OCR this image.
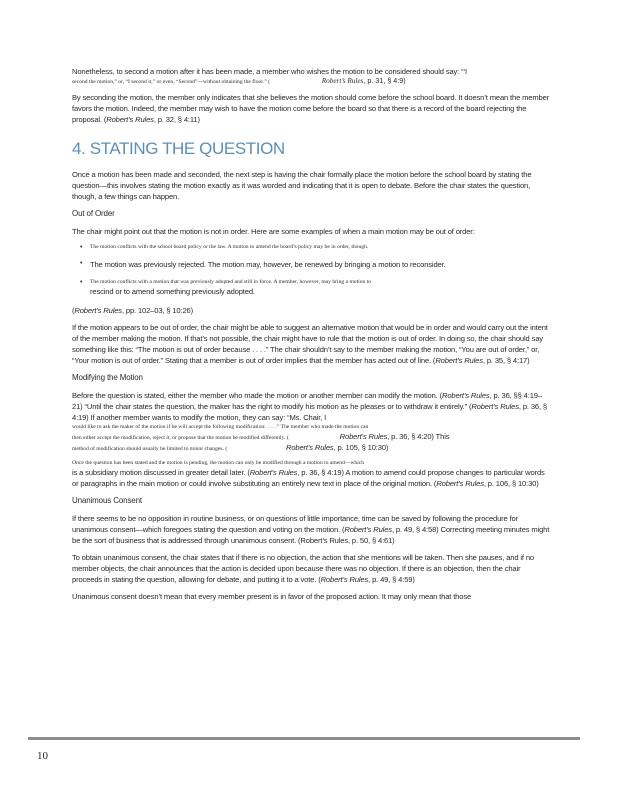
Nonetheless, to second a motion after it has been made, a member who wishes the motion to be considered should say: “‘I

second the motion,” or, “I second it,” or even, “Second”—without obtaining the floor.” (	Robert’s Rules, p. 31, § 4:9)

By seconding the motion, the member only indicates that she believes the motion should come before the school board. It doesn’t mean the member favors the motion. Indeed, the member may wish to have the motion come before the board so that there is a record of the board rejecting the proposal. (Robert’s Rules, p. 32, § 4:11)

4. STATING THE QUESTION

Once a motion has been made and seconded, the next step is having the chair formally place the motion before the school board by stating the question—this involves stating the motion exactly as it was worded and indicating that it is open to debate. Before the chair states the question, though, a few things can happen.

Out of Order

The chair might point out that the motion is not in order. Here are some examples of when a main motion may be out of order:

• The motion conflicts with the school board policy or the law. A motion to amend the board’s policy may be in order, though.

• The motion was previously rejected. The motion may, however, be renewed by bringing a motion to reconsider.

• The motion conflicts with a motion that was previously adopted and still in force. A member, however, may bring a motion to

rescind or to amend something previously adopted.

(Robert’s Rules, pp. 102–03, § 10:26)

If the motion appears to be out of order, the chair might be able to suggest an alternative motion that would be in order and would carry out the intent of the member making the motion. If that’s not possible, the chair might have to rule that the motion is out of order. In doing so, the chair should say something like this: “The motion is out of order because . . . .” The chair shouldn’t say to the member making the motion, “You are out of order,” or, “Your motion is out of order.” Stating that a member is out of order implies that the member has acted out of line. (Robert’s Rules, p. 35, § 4:17)

Modifying the Motion

Before the question is stated, either the member who made the motion or another member can modify the motion. (Robert’s Rules, p. 36, §§ 4:19–21) “Until the chair states the question, the maker has the right to modify his motion as he pleases or to withdraw it entirely.” (Robert’s Rules, p. 36, § 4:19) If another member wants to modify the motion, they can say: “Ms. Chair, I

would like to ask the maker of the motion if he will accept the following modification: . . . .” The member who made the motion can

then either accept the modification, reject it, or propose that the motion be modified differently. (	Robert’s Rules, p. 36, § 4:20) This

method of modification should usually be limited to minor changes. (	Robert’s Rules, p. 105, § 10:30)

Once the question has been stated and the motion is pending, the motion can only be modified through a motion to amend—which

is a subsidiary motion discussed in greater detail later. (Robert’s Rules, p. 36, § 4:19) A motion to amend could propose changes to particular words or paragraphs in the main motion or could involve substituting an entirely new text in place of the original motion. (Robert’s Rules, p. 106, § 10:30)

Unanimous Consent

If there seems to be no opposition in routine business, or on questions of little importance, time can be saved by following the procedure for unanimous consent—which foregoes stating the question and voting on the motion. (Robert’s Rules, p. 49, § 4:58) Correcting meeting minutes might be the sort of business that is addressed through unanimous consent. (Robert’s Rules, p. 50, § 4:61)

To obtain unanimous consent, the chair states that if there is no objection, the action that she mentions will be taken. Then she pauses, and if no member objects, the chair announces that the action is decided upon because there was no objection. If there is an objection, then the chair proceeds in stating the question, allowing for debate, and putting it to a vote. (Robert’s Rules, p. 49, § 4:59)

Unanimous consent doesn’t mean that every member present is in favor of the proposed action. It may only mean that those

10
